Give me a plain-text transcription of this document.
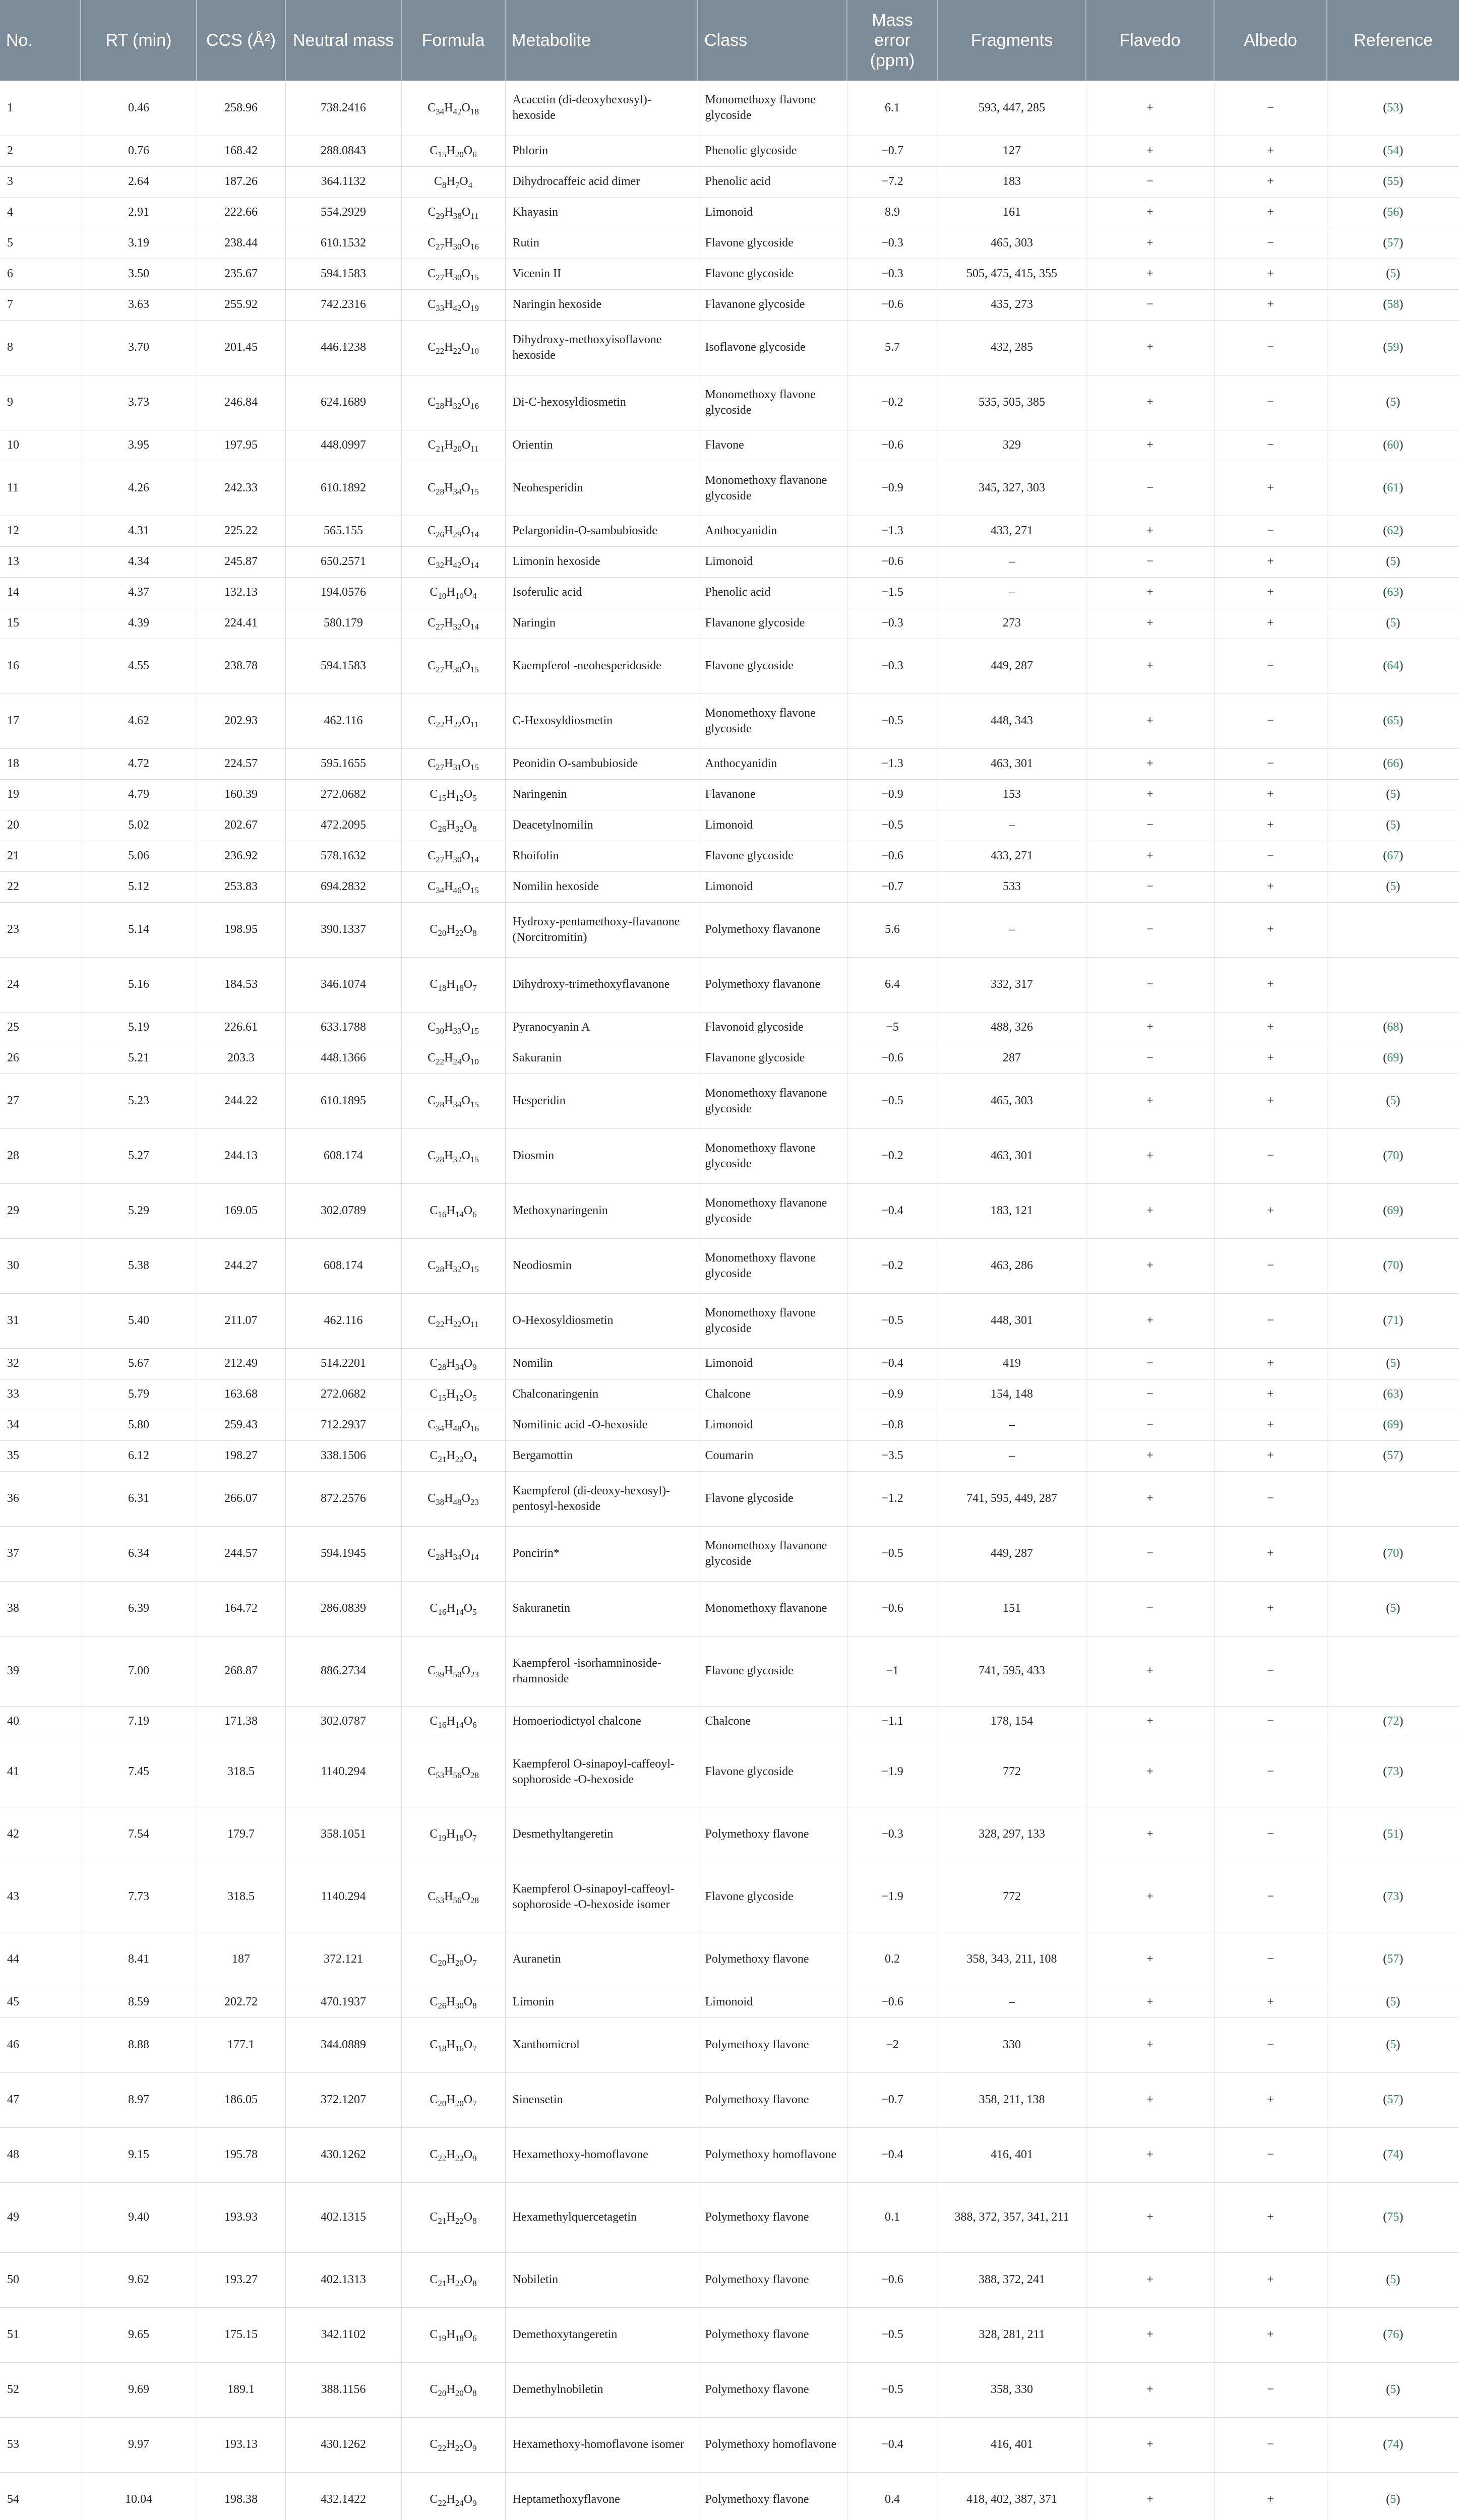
No.	RT (min)	CCS (Å²)	Neutral mass	Formula	Metabolite	Class	Mass error (ppm)	Fragments	Flavedo	Albedo	Reference
1	0.46	258.96	738.2416	$C_{34}H_{42}O_{18}$	Acacetin (di-deoxyhexosyl)-hexoside	Monomethoxy flavone glycoside	6.1	593, 447, 285	+	−	(53)
2	0.76	168.42	288.0843	$C_{15}H_{20}O_6$	Phlorin	Phenolic glycoside	−0.7	127	+	+	(54)
3	2.64	187.26	364.1132	$C_8H_7O_4$	Dihydrocaffeic acid dimer	Phenolic acid	−7.2	183	−	+	(55)
4	2.91	222.66	554.2929	$C_{29}H_{38}O_{11}$	Khayasin	Limonoid	8.9	161	+	+	(56)
5	3.19	238.44	610.1532	$C_{27}H_{30}O_{16}$	Rutin	Flavone glycoside	−0.3	465, 303	+	−	(57)
6	3.50	235.67	594.1583	$C_{27}H_{30}O_{15}$	Vicenin II	Flavone glycoside	−0.3	505, 475, 415, 355	+	+	(5)
7	3.63	255.92	742.2316	$C_{33}H_{42}O_{19}$	Naringin hexoside	Flavanone glycoside	−0.6	435, 273	−	+	(58)
8	3.70	201.45	446.1238	$C_{22}H_{22}O_{10}$	Dihydroxy-methoxyisoflavone hexoside	Isoflavone glycoside	5.7	432, 285	+	−	(59)
9	3.73	246.84	624.1689	$C_{28}H_{32}O_{16}$	Di-C-hexosyldiosmetin	Monomethoxy flavone glycoside	−0.2	535, 505, 385	+	−	(5)
10	3.95	197.95	448.0997	$C_{21}H_{20}O_{11}$	Orientin	Flavone	−0.6	329	+	−	(60)
11	4.26	242.33	610.1892	$C_{28}H_{34}O_{15}$	Neohesperidin	Monomethoxy flavanone glycoside	−0.9	345, 327, 303	−	+	(61)
12	4.31	225.22	565.155	$C_{26}H_{29}O_{14}$	Pelargonidin-O-sambubioside	Anthocyanidin	−1.3	433, 271	+	−	(62)
13	4.34	245.87	650.2571	$C_{32}H_{42}O_{14}$	Limonin hexoside	Limonoid	−0.6	–	−	+	(5)
14	4.37	132.13	194.0576	$C_{10}H_{10}O_4$	Isoferulic acid	Phenolic acid	−1.5	–	+	+	(63)
15	4.39	224.41	580.179	$C_{27}H_{32}O_{14}$	Naringin	Flavanone glycoside	−0.3	273	+	+	(5)
16	4.55	238.78	594.1583	$C_{27}H_{30}O_{15}$	Kaempferol -neohesperidoside	Flavone glycoside	−0.3	449, 287	+	−	(64)
17	4.62	202.93	462.116	$C_{22}H_{22}O_{11}$	C-Hexosyldiosmetin	Monomethoxy flavone glycoside	−0.5	448, 343	+	−	(65)
18	4.72	224.57	595.1655	$C_{27}H_{31}O_{15}$	Peonidin O-sambubioside	Anthocyanidin	−1.3	463, 301	+	−	(66)
19	4.79	160.39	272.0682	$C_{15}H_{12}O_5$	Naringenin	Flavanone	−0.9	153	+	+	(5)
20	5.02	202.67	472.2095	$C_{26}H_{32}O_8$	Deacetylnomilin	Limonoid	−0.5	–	−	+	(5)
21	5.06	236.92	578.1632	$C_{27}H_{30}O_{14}$	Rhoifolin	Flavone glycoside	−0.6	433, 271	+	−	(67)
22	5.12	253.83	694.2832	$C_{34}H_{46}O_{15}$	Nomilin hexoside	Limonoid	−0.7	533	−	+	(5)
23	5.14	198.95	390.1337	$C_{20}H_{22}O_8$	Hydroxy-pentamethoxy-flavanone (Norcitromitin)	Polymethoxy flavanone	5.6	–	−	+	
24	5.16	184.53	346.1074	$C_{18}H_{18}O_7$	Dihydroxy-trimethoxyflavanone	Polymethoxy flavanone	6.4	332, 317	−	+	
25	5.19	226.61	633.1788	$C_{30}H_{33}O_{15}$	Pyranocyanin A	Flavonoid glycoside	−5	488, 326	+	+	(68)
26	5.21	203.3	448.1366	$C_{22}H_{24}O_{10}$	Sakuranin	Flavanone glycoside	−0.6	287	−	+	(69)
27	5.23	244.22	610.1895	$C_{28}H_{34}O_{15}$	Hesperidin	Monomethoxy flavanone glycoside	−0.5	465, 303	+	+	(5)
28	5.27	244.13	608.174	$C_{28}H_{32}O_{15}$	Diosmin	Monomethoxy flavone glycoside	−0.2	463, 301	+	−	(70)
29	5.29	169.05	302.0789	$C_{16}H_{14}O_6$	Methoxynaringenin	Monomethoxy flavanone glycoside	−0.4	183, 121	+	+	(69)
30	5.38	244.27	608.174	$C_{28}H_{32}O_{15}$	Neodiosmin	Monomethoxy flavone glycoside	−0.2	463, 286	+	−	(70)
31	5.40	211.07	462.116	$C_{22}H_{22}O_{11}$	O-Hexosyldiosmetin	Monomethoxy flavone glycoside	−0.5	448, 301	+	−	(71)
32	5.67	212.49	514.2201	$C_{28}H_{34}O_9$	Nomilin	Limonoid	−0.4	419	−	+	(5)
33	5.79	163.68	272.0682	$C_{15}H_{12}O_5$	Chalconaringenin	Chalcone	−0.9	154, 148	−	+	(63)
34	5.80	259.43	712.2937	$C_{34}H_{48}O_{16}$	Nomilinic acid -O-hexoside	Limonoid	−0.8	–	−	+	(69)
35	6.12	198.27	338.1506	$C_{21}H_{22}O_4$	Bergamottin	Coumarin	−3.5	–	+	+	(57)
36	6.31	266.07	872.2576	$C_{38}H_{48}O_{23}$	Kaempferol (di-deoxy-hexosyl)-pentosyl-hexoside	Flavone glycoside	−1.2	741, 595, 449, 287	+	−	
37	6.34	244.57	594.1945	$C_{28}H_{34}O_{14}$	Poncirin*	Monomethoxy flavanone glycoside	−0.5	449, 287	−	+	(70)
38	6.39	164.72	286.0839	$C_{16}H_{14}O_5$	Sakuranetin	Monomethoxy flavanone	−0.6	151	−	+	(5)
39	7.00	268.87	886.2734	$C_{39}H_{50}O_{23}$	Kaempferol -isorhamninoside-rhamnoside	Flavone glycoside	−1	741, 595, 433	+	−	
40	7.19	171.38	302.0787	$C_{16}H_{14}O_6$	Homoeriodictyol chalcone	Chalcone	−1.1	178, 154	+	−	(72)
41	7.45	318.5	1140.294	$C_{53}H_{56}O_{28}$	Kaempferol O-sinapoyl-caffeoyl-sophoroside -O-hexoside	Flavone glycoside	−1.9	772	+	−	(73)
42	7.54	179.7	358.1051	$C_{19}H_{18}O_7$	Desmethyltangeretin	Polymethoxy flavone	−0.3	328, 297, 133	+	−	(51)
43	7.73	318.5	1140.294	$C_{53}H_{56}O_{28}$	Kaempferol O-sinapoyl-caffeoyl-sophoroside -O-hexoside isomer	Flavone glycoside	−1.9	772	+	−	(73)
44	8.41	187	372.121	$C_{20}H_{20}O_7$	Auranetin	Polymethoxy flavone	0.2	358, 343, 211, 108	+	−	(57)
45	8.59	202.72	470.1937	$C_{26}H_{30}O_8$	Limonin	Limonoid	−0.6	–	+	+	(5)
46	8.88	177.1	344.0889	$C_{18}H_{16}O_7$	Xanthomicrol	Polymethoxy flavone	−2	330	+	−	(5)
47	8.97	186.05	372.1207	$C_{20}H_{20}O_7$	Sinensetin	Polymethoxy flavone	−0.7	358, 211, 138	+	+	(57)
48	9.15	195.78	430.1262	$C_{22}H_{22}O_9$	Hexamethoxy-homoflavone	Polymethoxy homoflavone	−0.4	416, 401	+	−	(74)
49	9.40	193.93	402.1315	$C_{21}H_{22}O_8$	Hexamethylquercetagetin	Polymethoxy flavone	0.1	388, 372, 357, 341, 211	+	+	(75)
50	9.62	193.27	402.1313	$C_{21}H_{22}O_8$	Nobiletin	Polymethoxy flavone	−0.6	388, 372, 241	+	+	(5)
51	9.65	175.15	342.1102	$C_{19}H_{18}O_6$	Demethoxytangeretin	Polymethoxy flavone	−0.5	328, 281, 211	+	+	(76)
52	9.69	189.1	388.1156	$C_{20}H_{20}O_8$	Demethylnobiletin	Polymethoxy flavone	−0.5	358, 330	+	−	(5)
53	9.97	193.13	430.1262	$C_{22}H_{22}O_9$	Hexamethoxy-homoflavone isomer	Polymethoxy homoflavone	−0.4	416, 401	+	−	(74)
54	10.04	198.38	432.1422	$C_{22}H_{24}O_9$	Heptamethoxyflavone	Polymethoxy flavone	0.4	418, 402, 387, 371	+	+	(5)
